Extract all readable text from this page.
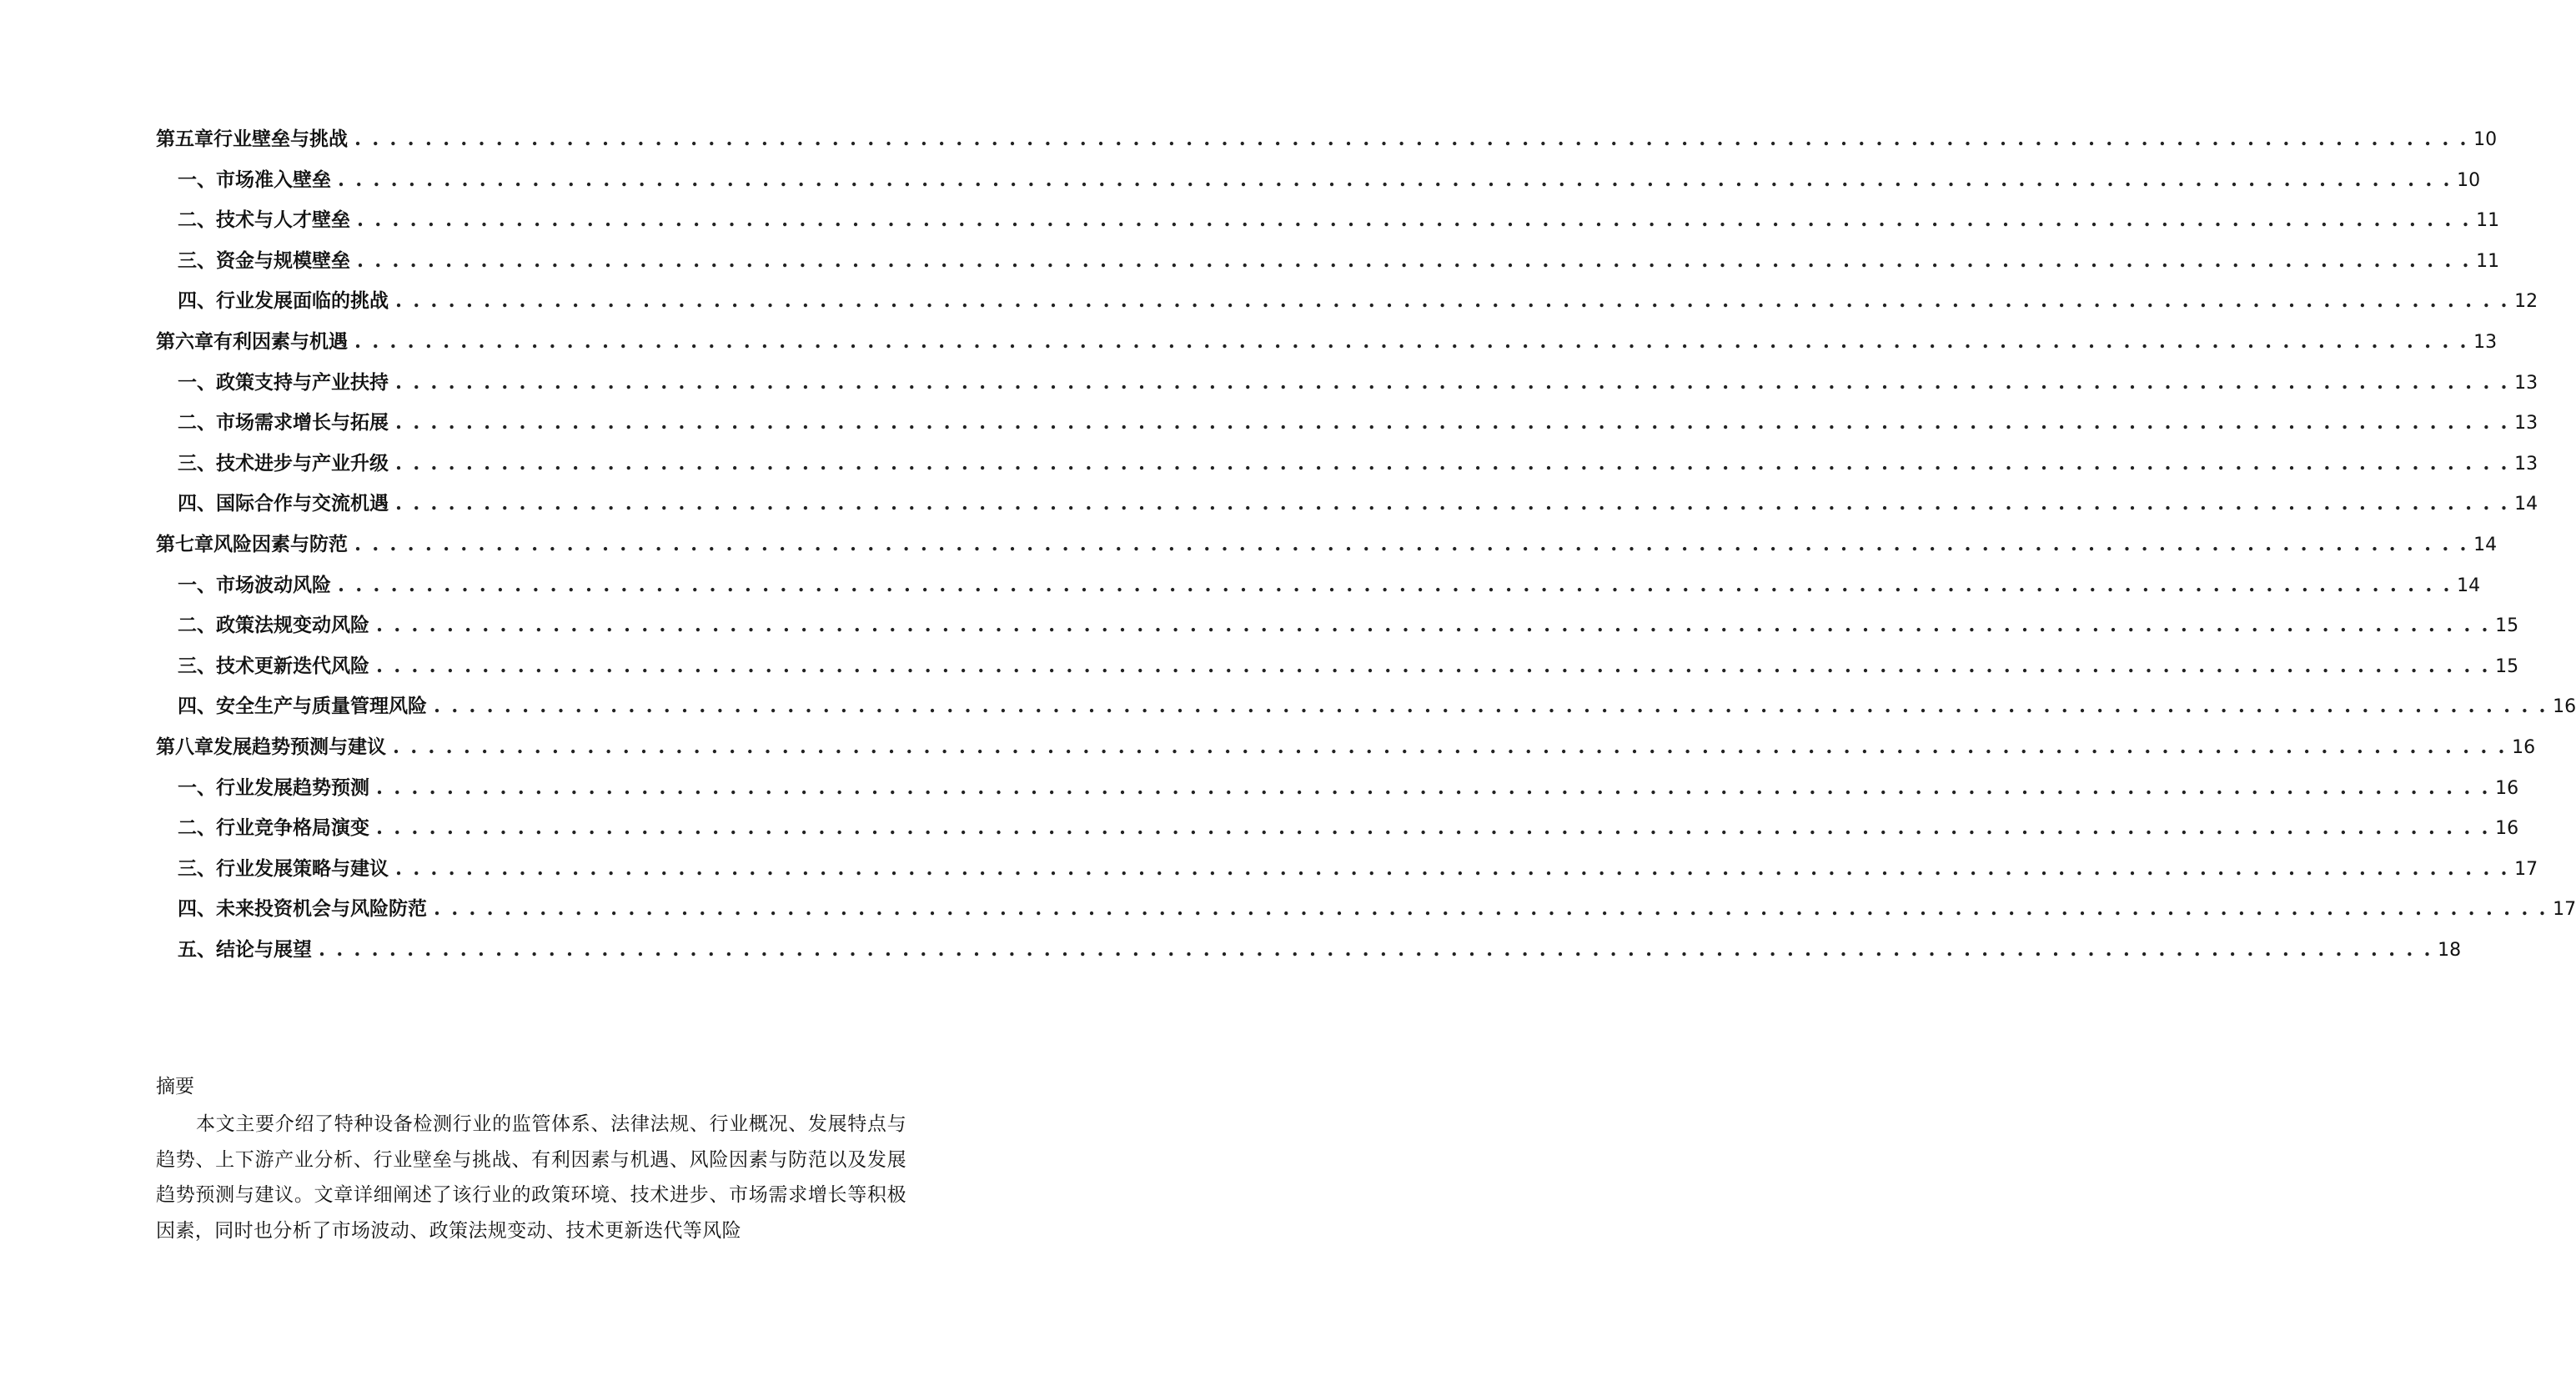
第五章 行业壁垒与挑战 . . . . . . . . . . . . . . . . . . . . . . . . . . . . . . . . . . . . . . . . . . . . . . . . . . . . . . . . . . . . . . . . . . . . . . . . . . . . . . . . . . . . . . . . . . . . . . . . . . . . . . . . . . . . . . . . . . . . . . . . 10
一、 市场准入壁垒 . . . . . . . . . . . . . . . . . . . . . . . . . . . . . . . . . . . . . . . . . . . . . . . . . . . . . . . . . . . . . . . . . . . . . . . . . . . . . . . . . . . . . . . . . . . . . . . . . . . . . . . . . . . . . . . . . . . . . . . . 10
二、 技术与人才壁垒 . . . . . . . . . . . . . . . . . . . . . . . . . . . . . . . . . . . . . . . . . . . . . . . . . . . . . . . . . . . . . . . . . . . . . . . . . . . . . . . . . . . . . . . . . . . . . . . . . . . . . . . . . . . . . . . . . . . . . . . . 11
三、 资金与规模壁垒 . . . . . . . . . . . . . . . . . . . . . . . . . . . . . . . . . . . . . . . . . . . . . . . . . . . . . . . . . . . . . . . . . . . . . . . . . . . . . . . . . . . . . . . . . . . . . . . . . . . . . . . . . . . . . . . . . . . . . . . . 11
四、 行业发展面临的挑战 . . . . . . . . . . . . . . . . . . . . . . . . . . . . . . . . . . . . . . . . . . . . . . . . . . . . . . . . . . . . . . . . . . . . . . . . . . . . . . . . . . . . . . . . . . . . . . . . . . . . . . . . . . . . . . . . . . . . . . . . 12
第六章 有利因素与机遇 . . . . . . . . . . . . . . . . . . . . . . . . . . . . . . . . . . . . . . . . . . . . . . . . . . . . . . . . . . . . . . . . . . . . . . . . . . . . . . . . . . . . . . . . . . . . . . . . . . . . . . . . . . . . . . . . . . . . . . . . 13
一、 政策支持与产业扶持 . . . . . . . . . . . . . . . . . . . . . . . . . . . . . . . . . . . . . . . . . . . . . . . . . . . . . . . . . . . . . . . . . . . . . . . . . . . . . . . . . . . . . . . . . . . . . . . . . . . . . . . . . . . . . . . . . . . . . . . . 13
二、 市场需求增长与拓展 . . . . . . . . . . . . . . . . . . . . . . . . . . . . . . . . . . . . . . . . . . . . . . . . . . . . . . . . . . . . . . . . . . . . . . . . . . . . . . . . . . . . . . . . . . . . . . . . . . . . . . . . . . . . . . . . . . . . . . . . 13
三、 技术进步与产业升级 . . . . . . . . . . . . . . . . . . . . . . . . . . . . . . . . . . . . . . . . . . . . . . . . . . . . . . . . . . . . . . . . . . . . . . . . . . . . . . . . . . . . . . . . . . . . . . . . . . . . . . . . . . . . . . . . . . . . . . . . 13
四、 国际合作与交流机遇 . . . . . . . . . . . . . . . . . . . . . . . . . . . . . . . . . . . . . . . . . . . . . . . . . . . . . . . . . . . . . . . . . . . . . . . . . . . . . . . . . . . . . . . . . . . . . . . . . . . . . . . . . . . . . . . . . . . . . . . . 14
第七章 风险因素与防范 . . . . . . . . . . . . . . . . . . . . . . . . . . . . . . . . . . . . . . . . . . . . . . . . . . . . . . . . . . . . . . . . . . . . . . . . . . . . . . . . . . . . . . . . . . . . . . . . . . . . . . . . . . . . . . . . . . . . . . . . 14
一、 市场波动风险 . . . . . . . . . . . . . . . . . . . . . . . . . . . . . . . . . . . . . . . . . . . . . . . . . . . . . . . . . . . . . . . . . . . . . . . . . . . . . . . . . . . . . . . . . . . . . . . . . . . . . . . . . . . . . . . . . . . . . . . . 14
二、 政策法规变动风险 . . . . . . . . . . . . . . . . . . . . . . . . . . . . . . . . . . . . . . . . . . . . . . . . . . . . . . . . . . . . . . . . . . . . . . . . . . . . . . . . . . . . . . . . . . . . . . . . . . . . . . . . . . . . . . . . . . . . . . . . 15
三、 技术更新迭代风险 . . . . . . . . . . . . . . . . . . . . . . . . . . . . . . . . . . . . . . . . . . . . . . . . . . . . . . . . . . . . . . . . . . . . . . . . . . . . . . . . . . . . . . . . . . . . . . . . . . . . . . . . . . . . . . . . . . . . . . . . 15
四、 安全生产与质量管理风险 . . . . . . . . . . . . . . . . . . . . . . . . . . . . . . . . . . . . . . . . . . . . . . . . . . . . . . . . . . . . . . . . . . . . . . . . . . . . . . . . . . . . . . . . . . . . . . . . . . . . . . . . . . . . . . . . . . . . . . . . 16
第八章 发展趋势预测与建议 . . . . . . . . . . . . . . . . . . . . . . . . . . . . . . . . . . . . . . . . . . . . . . . . . . . . . . . . . . . . . . . . . . . . . . . . . . . . . . . . . . . . . . . . . . . . . . . . . . . . . . . . . . . . . . . . . . . . . . . . 16
一、 行业发展趋势预测 . . . . . . . . . . . . . . . . . . . . . . . . . . . . . . . . . . . . . . . . . . . . . . . . . . . . . . . . . . . . . . . . . . . . . . . . . . . . . . . . . . . . . . . . . . . . . . . . . . . . . . . . . . . . . . . . . . . . . . . . 16
二、 行业竞争格局演变 . . . . . . . . . . . . . . . . . . . . . . . . . . . . . . . . . . . . . . . . . . . . . . . . . . . . . . . . . . . . . . . . . . . . . . . . . . . . . . . . . . . . . . . . . . . . . . . . . . . . . . . . . . . . . . . . . . . . . . . . 16
三、 行业发展策略与建议 . . . . . . . . . . . . . . . . . . . . . . . . . . . . . . . . . . . . . . . . . . . . . . . . . . . . . . . . . . . . . . . . . . . . . . . . . . . . . . . . . . . . . . . . . . . . . . . . . . . . . . . . . . . . . . . . . . . . . . . . 17
四、 未来投资机会与风险防范 . . . . . . . . . . . . . . . . . . . . . . . . . . . . . . . . . . . . . . . . . . . . . . . . . . . . . . . . . . . . . . . . . . . . . . . . . . . . . . . . . . . . . . . . . . . . . . . . . . . . . . . . . . . . . . . . . . . . . . . . 17
五、 结论与展望 . . . . . . . . . . . . . . . . . . . . . . . . . . . . . . . . . . . . . . . . . . . . . . . . . . . . . . . . . . . . . . . . . . . . . . . . . . . . . . . . . . . . . . . . . . . . . . . . . . . . . . . . . . . . . . . . . . . . . . . . 18
摘要

本文主要介绍了特种设备检测行业的监管体系、法律法规、行业概况、发展特点与趋势、上下游产业分析、行业壁垒与挑战、有利因素与机遇、风险因素与防范以及发展趋势预测与建议。文章详细阐述了该行业的政策环境、技术进步、市场需求增长等积极因素，同时也分析了市场波动、政策法规变动、技术更新迭代等风险
